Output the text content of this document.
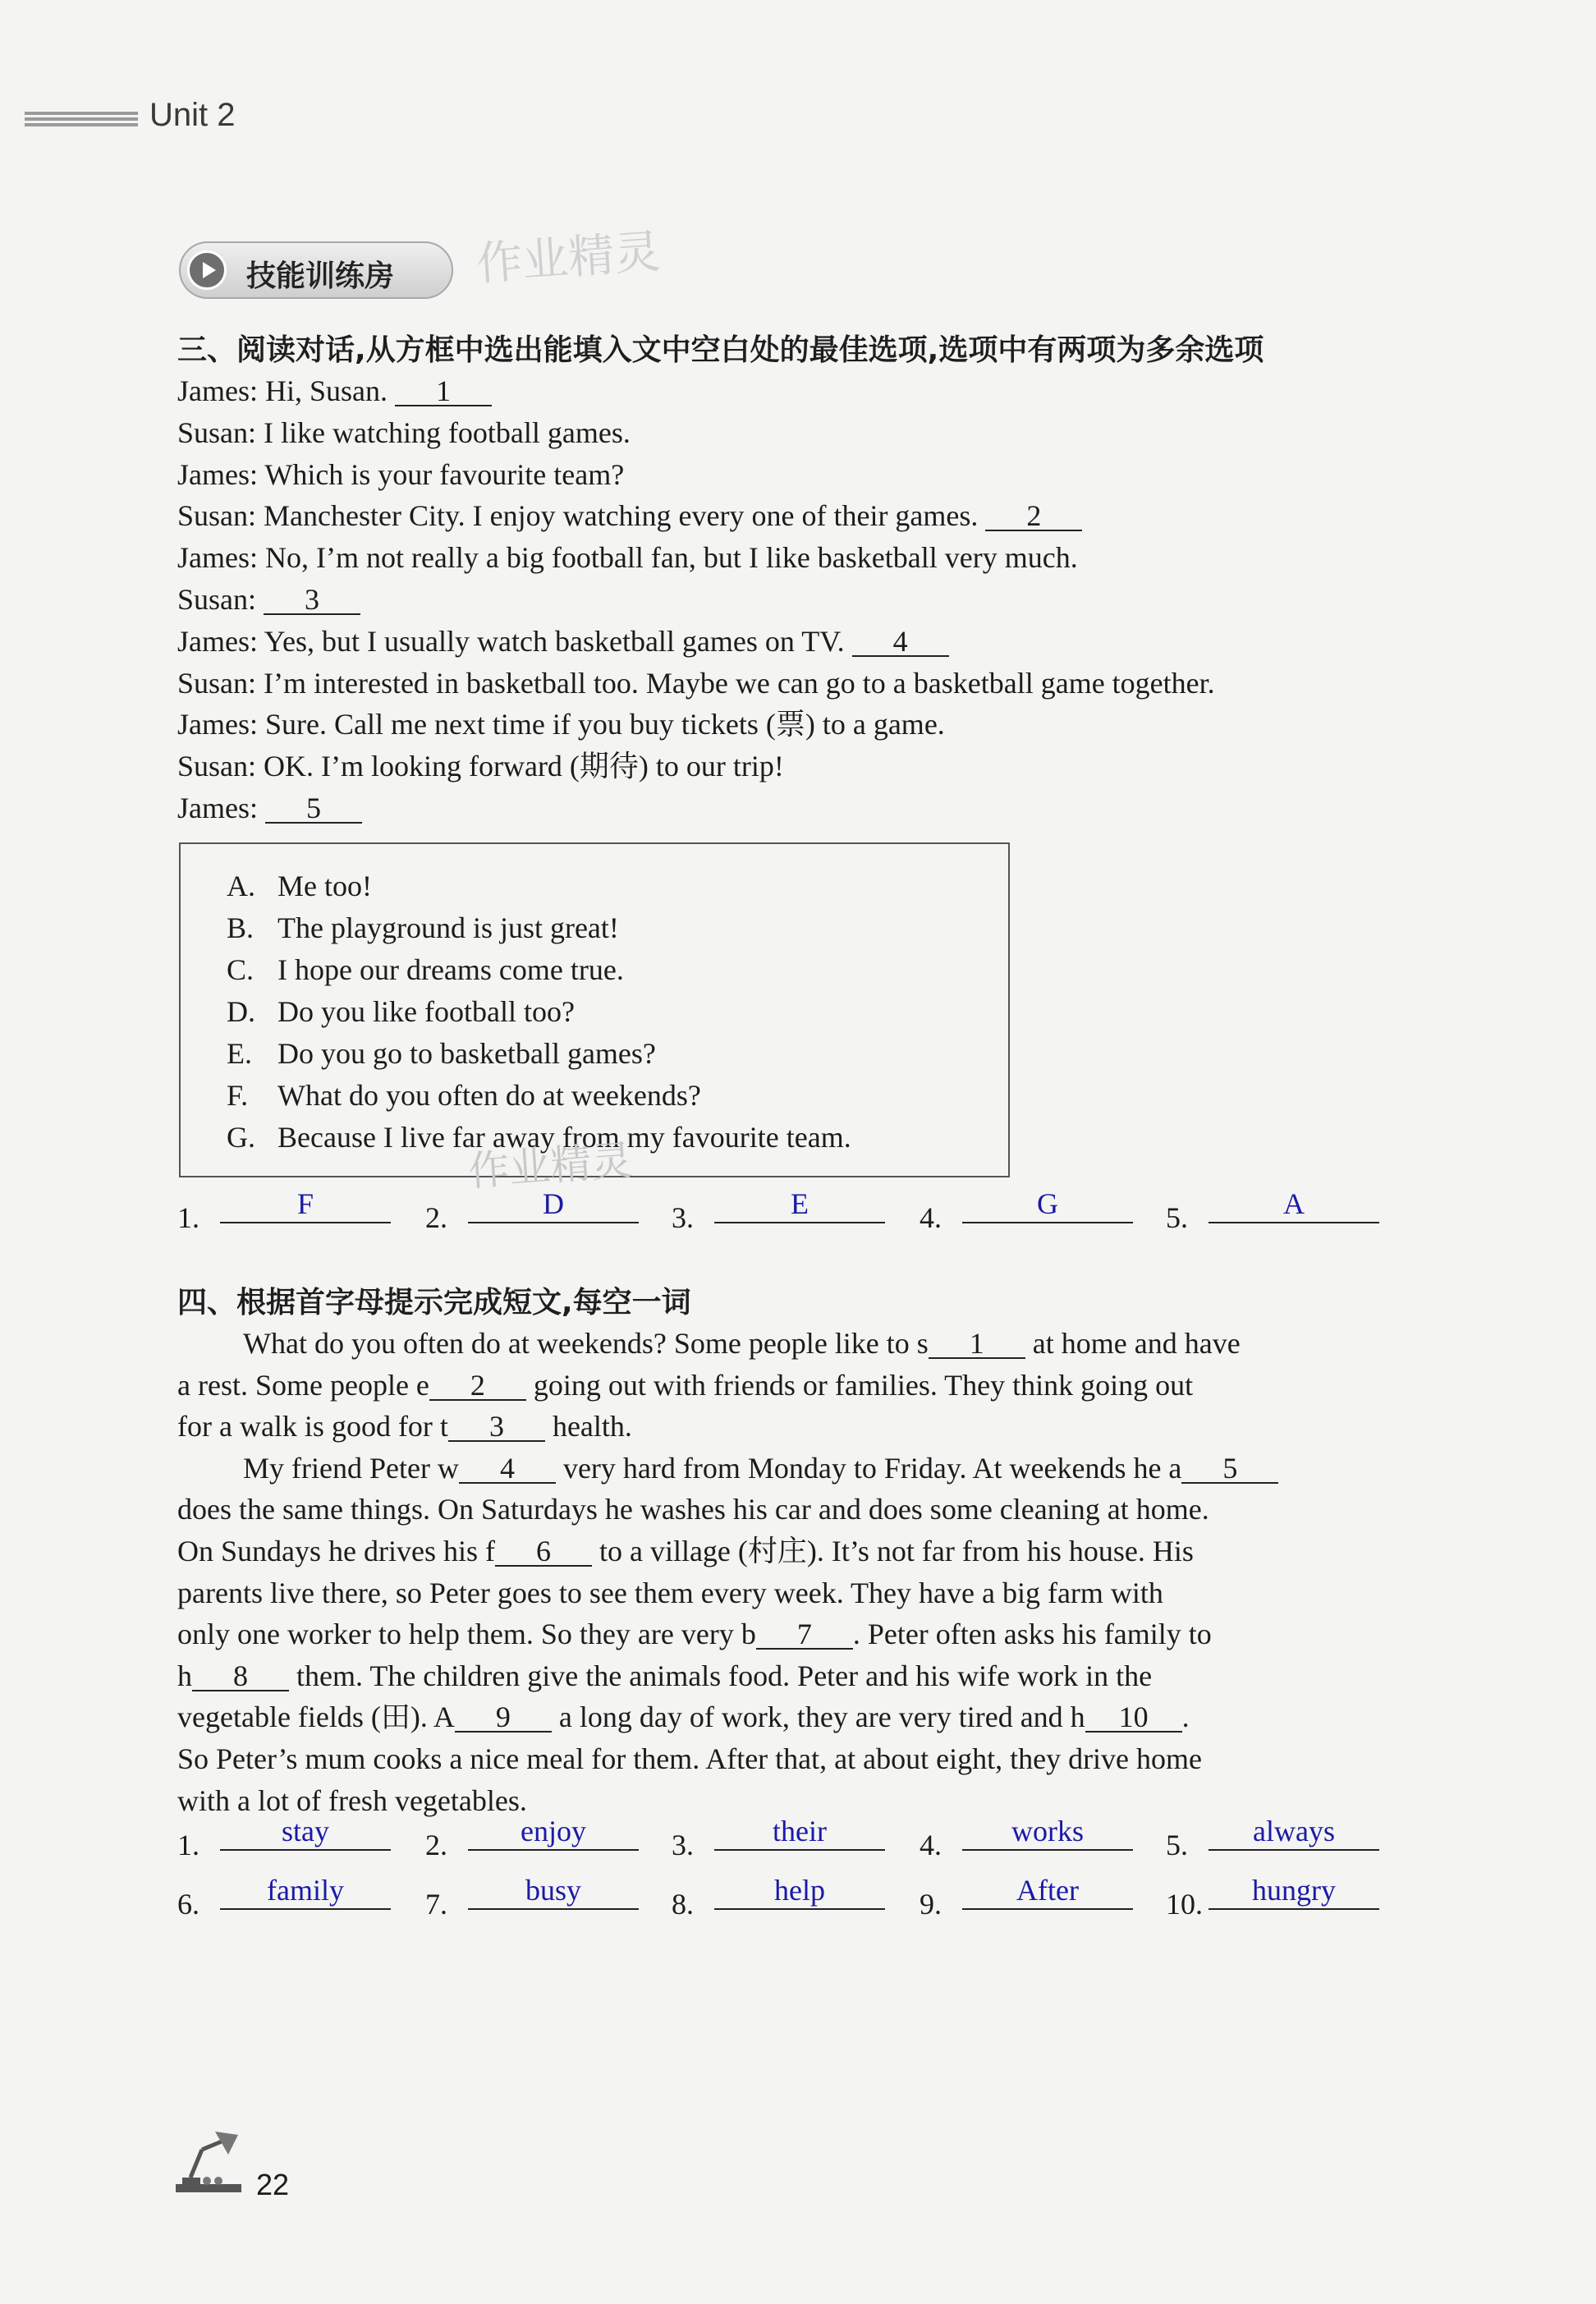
Unit 2
技能训练房 作业精灵
三、阅读对话,从方框中选出能填入文中空白处的最佳选项,选项中有两项为多余选项
James: Hi, Susan. 1
Susan: I like watching football games.
James: Which is your favourite team?
Susan: Manchester City. I enjoy watching every one of their games. 2
James: No, I’m not really a big football fan, but I like basketball very much.
Susan: 3
James: Yes, but I usually watch basketball games on TV. 4
Susan: I’m interested in basketball too. Maybe we can go to a basketball game together.
James: Sure. Call me next time if you buy tickets (票) to a game.
Susan: OK. I’m looking forward (期待) to our trip!
James: 5
A. Me too!
B. The playground is just great!
C. I hope our dreams come true.
D. Do you like football too?
E. Do you go to basketball games?
F. What do you often do at weekends?
G. Because I live far away from my favourite team.
作业精灵
1.	F	2.	D	3.	E	4.	G	5.	A
四、根据首字母提示完成短文,每空一词
What do you often do at weekends? Some people like to s 1 at home and have
a rest. Some people e 2 going out with friends or families. They think going out
for a walk is good for t 3 health.
My friend Peter w 4 very hard from Monday to Friday. At weekends he a 5
does the same things. On Saturdays he washes his car and does some cleaning at home.
On Sundays he drives his f 6 to a village (村庄). It’s not far from his house. His
parents live there, so Peter goes to see them every week. They have a big farm with
only one worker to help them. So they are very b 7 . Peter often asks his family to
h 8 them. The children give the animals food. Peter and his wife work in the
vegetable fields (田). A 9 a long day of work, they are very tired and h 10 .
So Peter’s mum cooks a nice meal for them. After that, at about eight, they drive home
with a lot of fresh vegetables.
1.	stay	2.	enjoy	3.	their	4.	works	5.	always
6.	family	7.	busy	8.	help	9.	After	10.	hungry
22
